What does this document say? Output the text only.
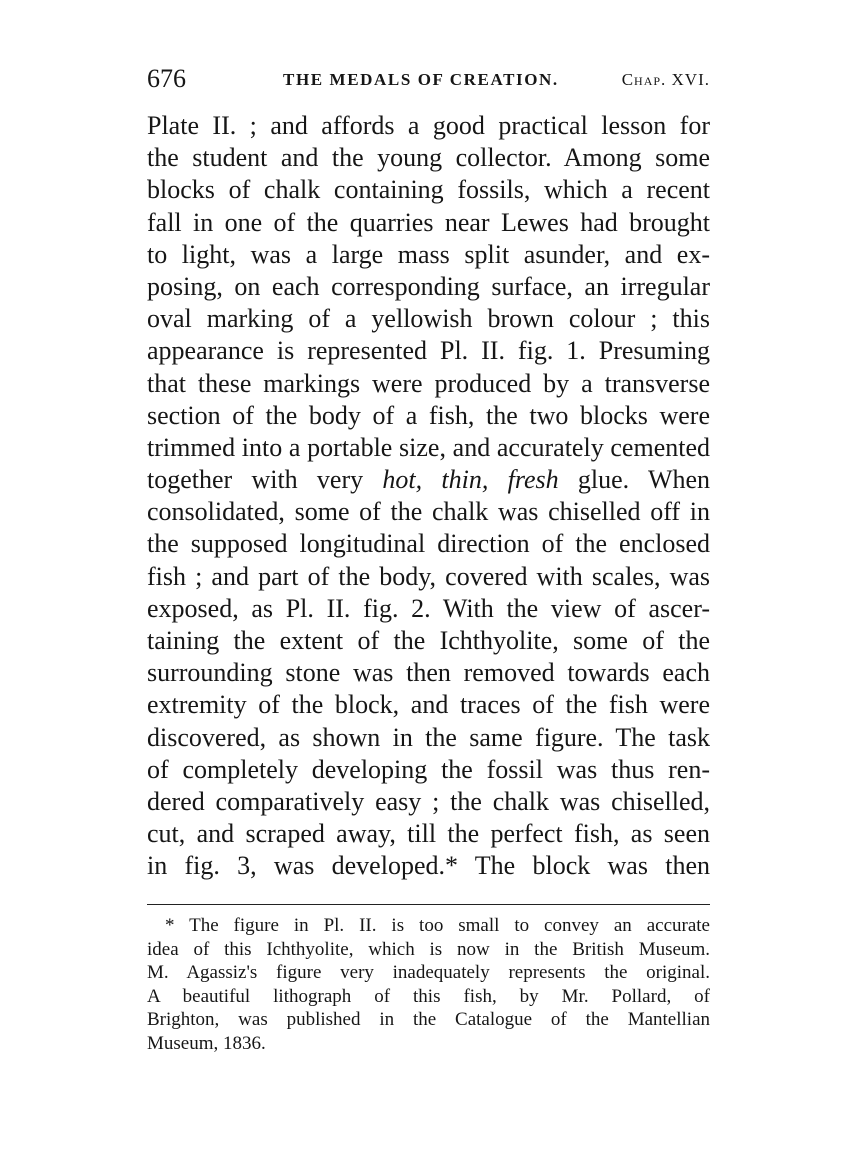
676	THE MEDALS OF CREATION.	Chap. XVI.
Plate II. ; and affords a good practical lesson for
the student and the young collector. Among some
blocks of chalk containing fossils, which a recent
fall in one of the quarries near Lewes had brought
to light, was a large mass split asunder, and ex-
posing, on each corresponding surface, an irregular
oval marking of a yellowish brown colour ; this
appearance is represented Pl. II. fig. 1. Presuming
that these markings were produced by a transverse
section of the body of a fish, the two blocks were
trimmed into a portable size, and accurately cemented
together with very hot, thin, fresh glue. When
consolidated, some of the chalk was chiselled off in
the supposed longitudinal direction of the enclosed
fish ; and part of the body, covered with scales, was
exposed, as Pl. II. fig. 2. With the view of ascer-
taining the extent of the Ichthyolite, some of the
surrounding stone was then removed towards each
extremity of the block, and traces of the fish were
discovered, as shown in the same figure. The task
of completely developing the fossil was thus ren-
dered comparatively easy ; the chalk was chiselled,
cut, and scraped away, till the perfect fish, as seen
in fig. 3, was developed.* The block was then
* The figure in Pl. II. is too small to convey an accurate
idea of this Ichthyolite, which is now in the British Museum.
M. Agassiz's figure very inadequately represents the original.
A beautiful lithograph of this fish, by Mr. Pollard, of
Brighton, was published in the Catalogue of the Mantellian
Museum, 1836.
